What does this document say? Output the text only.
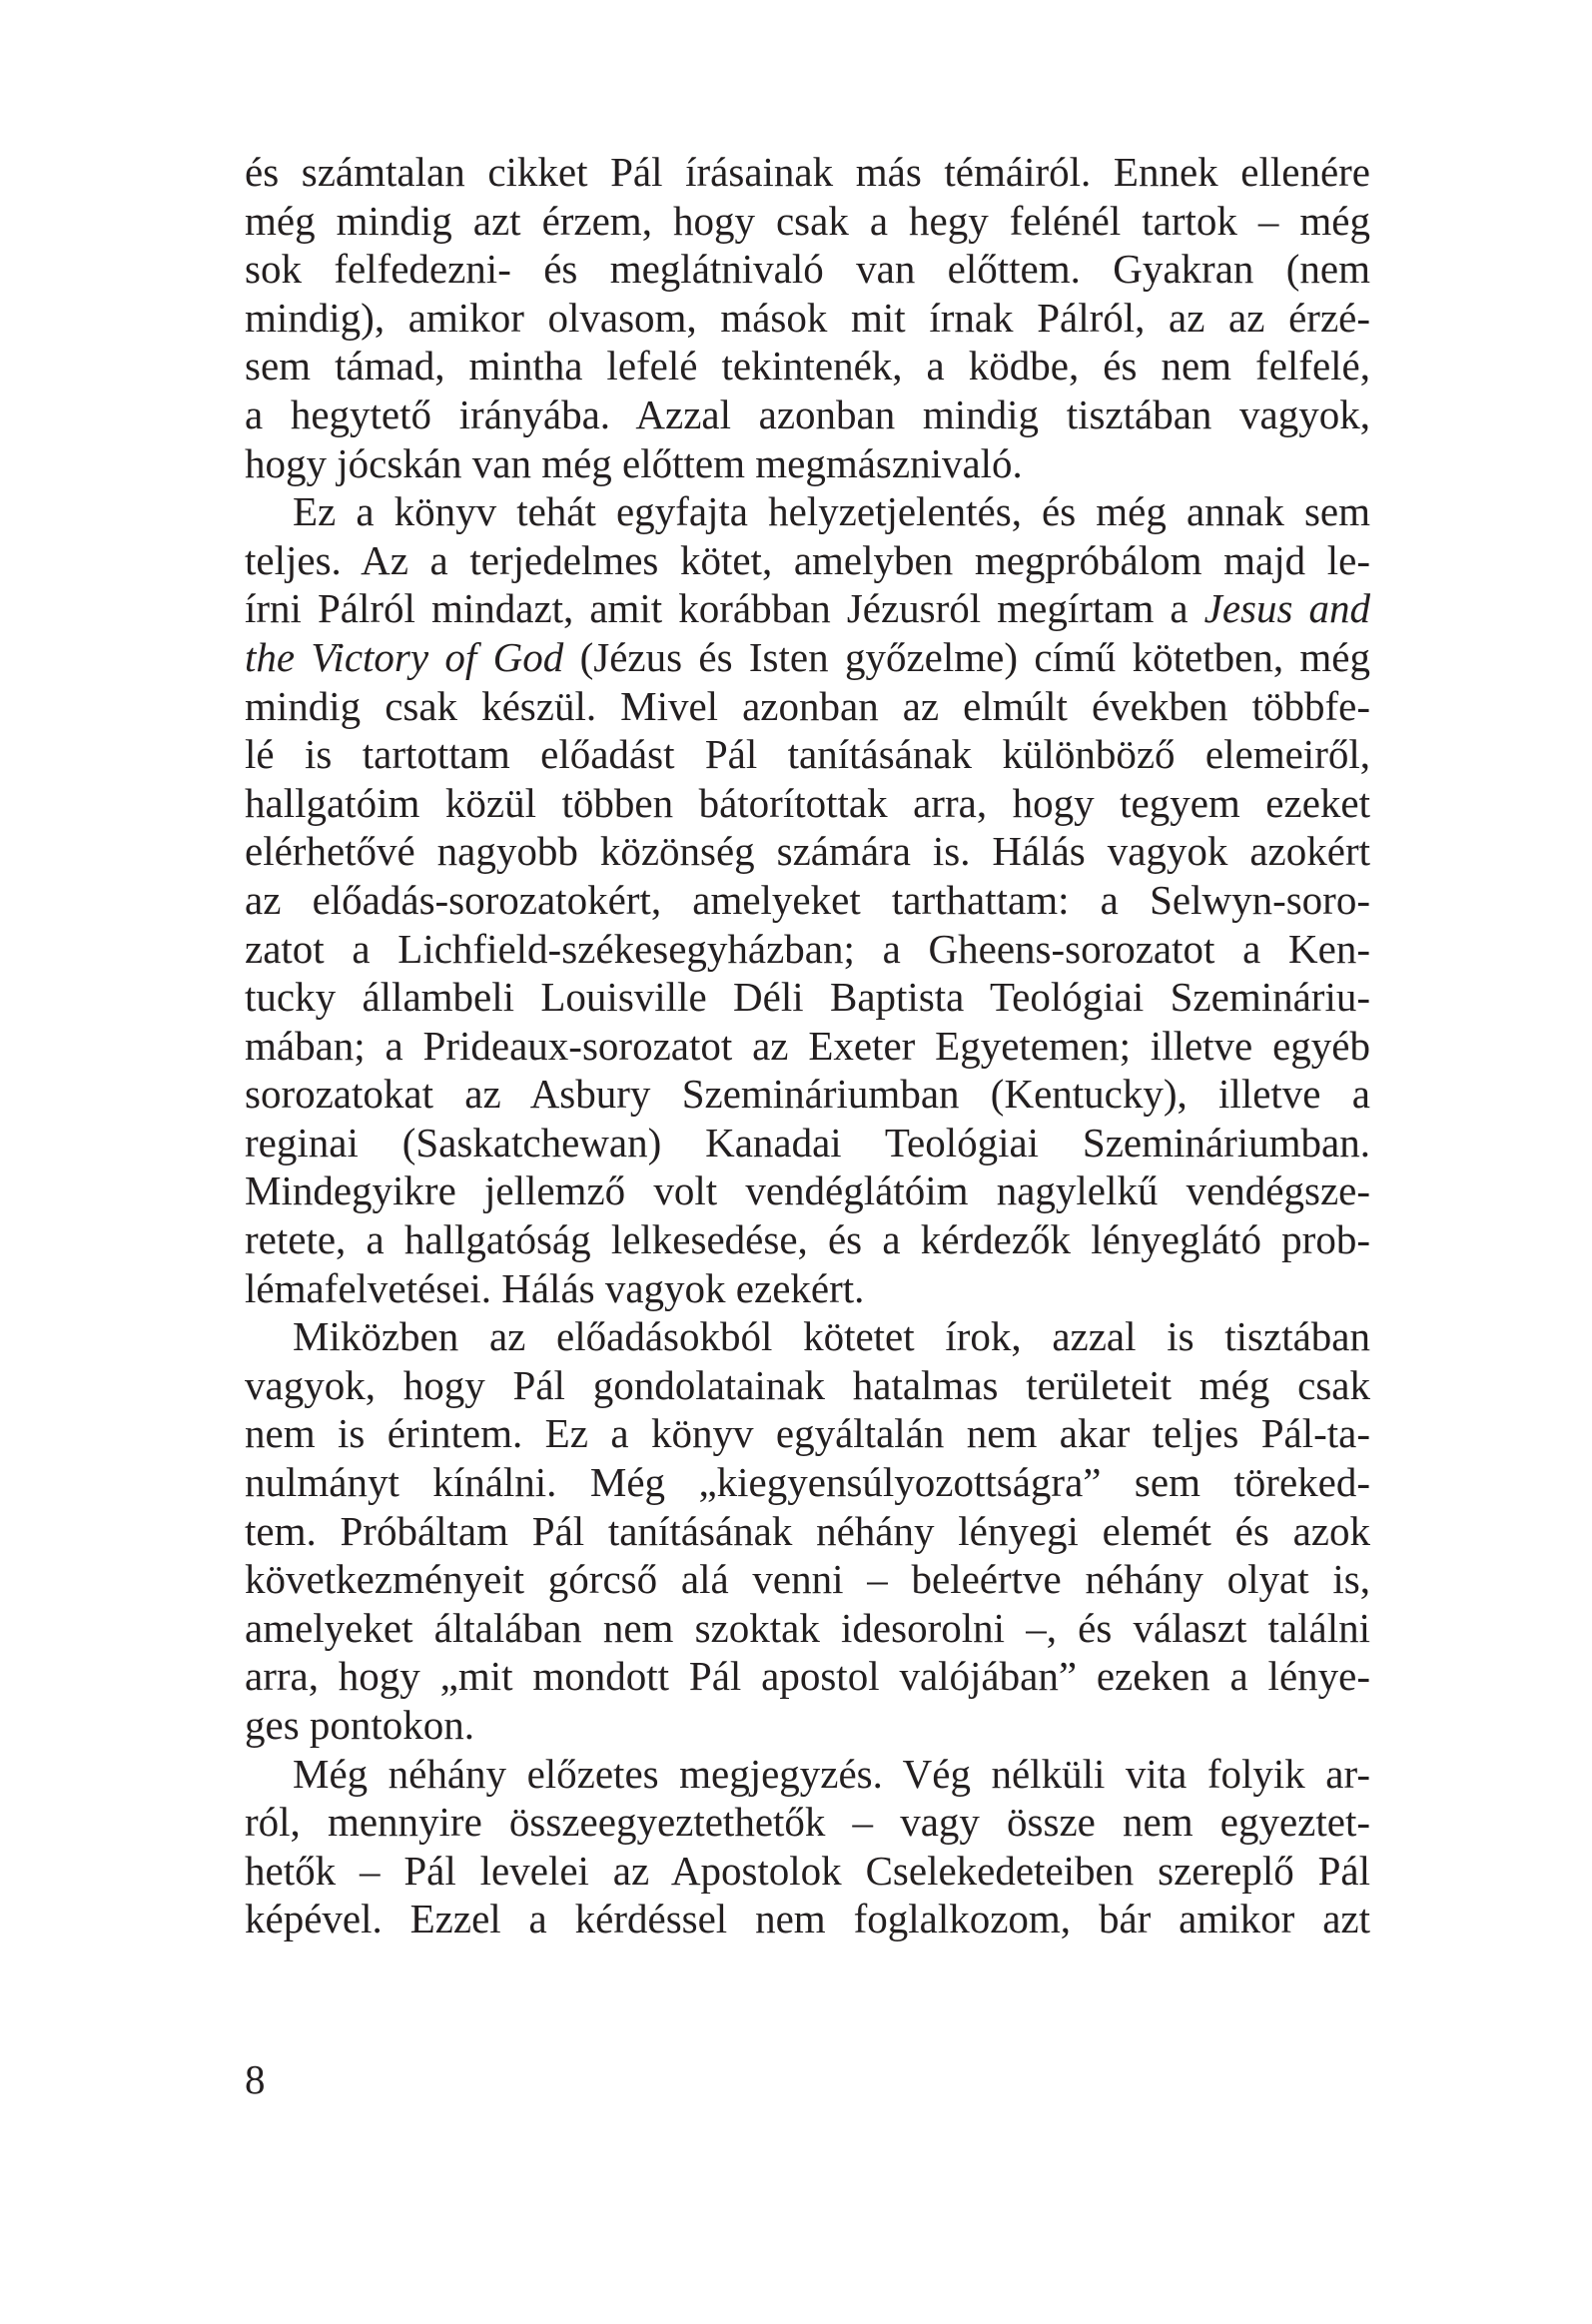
és számtalan cikket Pál írásainak más témáiról. Ennek ellenére
még mindig azt érzem, hogy csak a hegy felénél tartok – még
sok felfedezni- és meglátnivaló van előttem. Gyakran (nem
mindig), amikor olvasom, mások mit írnak Pálról, az az érzé-
sem támad, mintha lefelé tekintenék, a ködbe, és nem felfelé,
a hegytető irányába. Azzal azonban mindig tisztában vagyok,
hogy jócskán van még előttem megmásznivaló.
Ez a könyv tehát egyfajta helyzetjelentés, és még annak sem
teljes. Az a terjedelmes kötet, amelyben megpróbálom majd le-
írni Pálról mindazt, amit korábban Jézusról megírtam a Jesus and
the Victory of God (Jézus és Isten győzelme) című kötetben, még
mindig csak készül. Mivel azonban az elmúlt években többfe-
lé is tartottam előadást Pál tanításának különböző elemeiről,
hallgatóim közül többen bátorítottak arra, hogy tegyem ezeket
elérhetővé nagyobb közönség számára is. Hálás vagyok azokért
az előadás-sorozatokért, amelyeket tarthattam: a Selwyn-soro-
zatot a Lichfield-székesegyházban; a Gheens-sorozatot a Ken-
tucky állambeli Louisville Déli Baptista Teológiai Szemináriu-
mában; a Prideaux-sorozatot az Exeter Egyetemen; illetve egyéb
sorozatokat az Asbury Szemináriumban (Kentucky), illetve a
reginai (Saskatchewan) Kanadai Teológiai Szemináriumban.
Mindegyikre jellemző volt vendéglátóim nagylelkű vendégsze-
retete, a hallgatóság lelkesedése, és a kérdezők lényeglátó prob-
lémafelvetései. Hálás vagyok ezekért.
Miközben az előadásokból kötetet írok, azzal is tisztában
vagyok, hogy Pál gondolatainak hatalmas területeit még csak
nem is érintem. Ez a könyv egyáltalán nem akar teljes Pál-ta-
nulmányt kínálni. Még „kiegyensúlyozottságra” sem töreked-
tem. Próbáltam Pál tanításának néhány lényegi elemét és azok
következményeit górcső alá venni – beleértve néhány olyat is,
amelyeket általában nem szoktak idesorolni –, és választ találni
arra, hogy „mit mondott Pál apostol valójában” ezeken a lénye-
ges pontokon.
Még néhány előzetes megjegyzés. Vég nélküli vita folyik ar-
ról, mennyire összeegyeztethetők – vagy össze nem egyeztet-
hetők – Pál levelei az Apostolok Cselekedeteiben szereplő Pál
képével. Ezzel a kérdéssel nem foglalkozom, bár amikor azt
8
